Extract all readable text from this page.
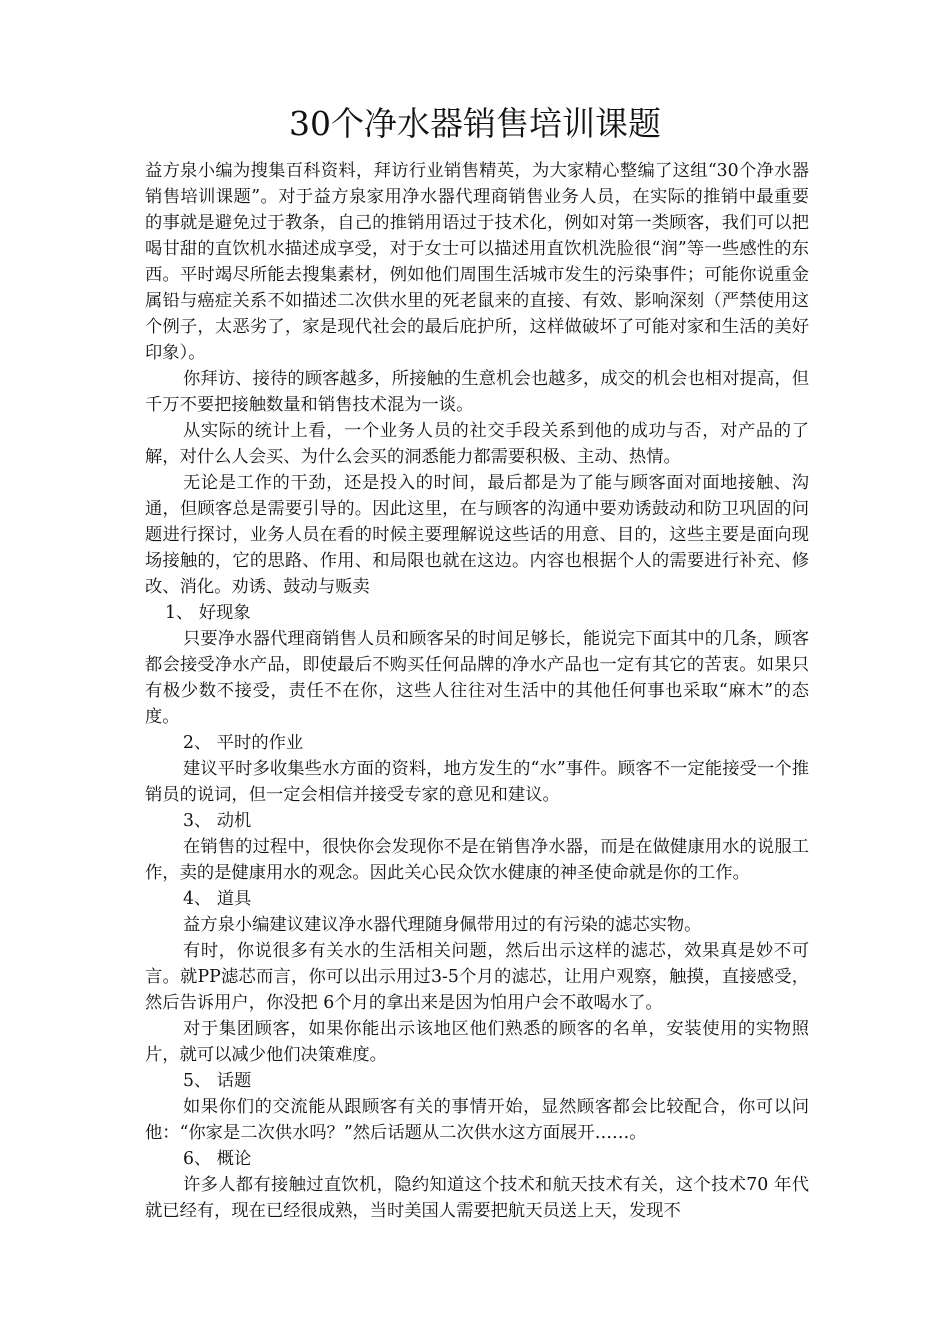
30个净水器销售培训课题

益方泉小编为搜集百科资料，拜访行业销售精英，为大家精心整编了这组“30个净水器销售培训课题”。对于益方泉家用净水器代理商销售业务人员，在实际的推销中最重要的事就是避免过于教条，自己的推销用语过于技术化，例如对第一类顾客，我们可以把喝甘甜的直饮机水描述成享受，对于女士可以描述用直饮机洗脸很“润”等一些感性的东西。平时竭尽所能去搜集素材，例如他们周围生活城市发生的污染事件；可能你说重金属铅与癌症关系不如描述二次供水里的死老鼠来的直接、有效、影响深刻（严禁使用这个例子，太恶劣了，家是现代社会的最后庇护所，这样做破坏了可能对家和生活的美好印象）。

你拜访、接待的顾客越多，所接触的生意机会也越多，成交的机会也相对提高，但千万不要把接触数量和销售技术混为一谈。

从实际的统计上看，一个业务人员的社交手段关系到他的成功与否，对产品的了解，对什么人会买、为什么会买的洞悉能力都需要积极、主动、热情。

无论是工作的干劲，还是投入的时间，最后都是为了能与顾客面对面地接触、沟通，但顾客总是需要引导的。因此这里，在与顾客的沟通中要劝诱鼓动和防卫巩固的问题进行探讨，业务人员在看的时候主要理解说这些话的用意、目的，这些主要是面向现场接触的，它的思路、作用、和局限也就在这边。内容也根据个人的需要进行补充、修改、消化。劝诱、鼓动与贩卖

1、 好现象

只要净水器代理商销售人员和顾客呆的时间足够长，能说完下面其中的几条，顾客都会接受净水产品，即使最后不购买任何品牌的净水产品也一定有其它的苦衷。如果只有极少数不接受，责任不在你，这些人往往对生活中的其他任何事也采取“麻木”的态度。

2、 平时的作业

建议平时多收集些水方面的资料，地方发生的“水”事件。顾客不一定能接受一个推销员的说词，但一定会相信并接受专家的意见和建议。

3、 动机

在销售的过程中，很快你会发现你不是在销售净水器，而是在做健康用水的说服工作，卖的是健康用水的观念。因此关心民众饮水健康的神圣使命就是你的工作。

4、 道具

益方泉小编建议建议净水器代理随身佩带用过的有污染的滤芯实物。

有时，你说很多有关水的生活相关问题，然后出示这样的滤芯，效果真是妙不可言。就PP滤芯而言，你可以出示用过3-5个月的滤芯，让用户观察，触摸，直接感受，然后告诉用户，你没把 6个月的拿出来是因为怕用户会不敢喝水了。

对于集团顾客，如果你能出示该地区他们熟悉的顾客的名单，安装使用的实物照片，就可以减少他们决策难度。

5、 话题

如果你们的交流能从跟顾客有关的事情开始，显然顾客都会比较配合，你可以问他：“你家是二次供水吗？”然后话题从二次供水这方面展开……。

6、 概论

许多人都有接触过直饮机，隐约知道这个技术和航天技术有关，这个技术70 年代就已经有，现在已经很成熟，当时美国人需要把航天员送上天，发现不
